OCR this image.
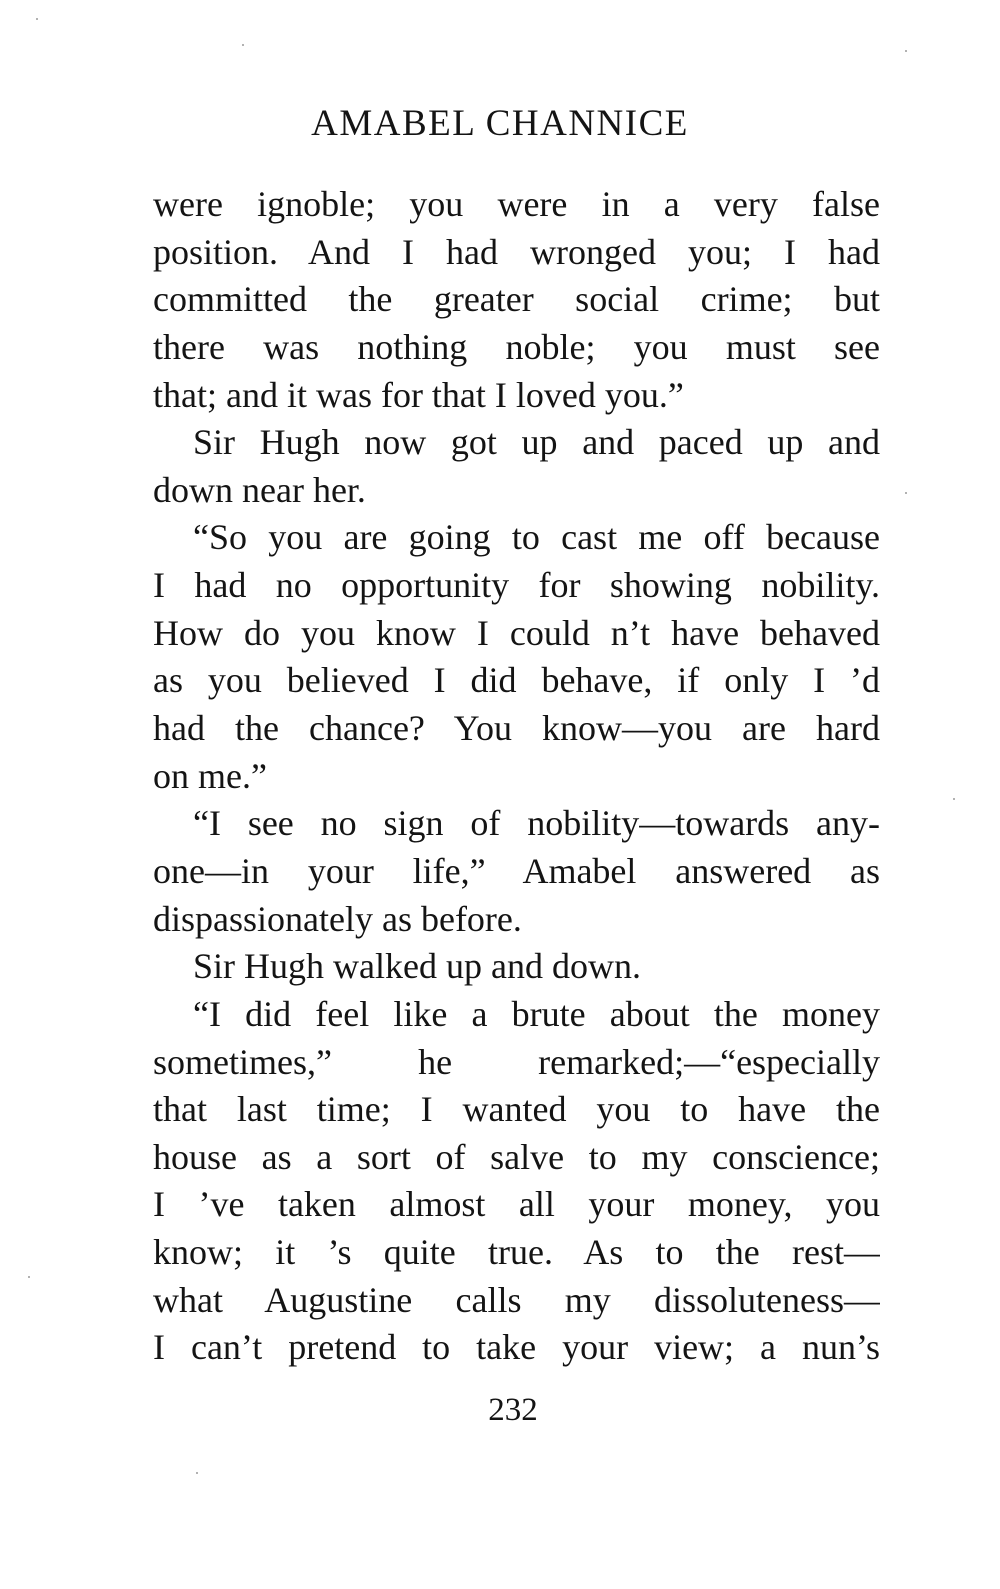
AMABEL CHANNICE
were ignoble; you were in a very false
position. And I had wronged you; I had
committed the greater social crime; but
there was nothing noble; you must see
that; and it was for that I loved you.”
Sir Hugh now got up and paced up and
down near her.
“So you are going to cast me off because
I had no opportunity for showing nobility.
How do you know I could n’t have behaved
as you believed I did behave, if only I ’d
had the chance? You know—you are hard
on me.”
“I see no sign of nobility—towards any-
one—in your life,” Amabel answered as
dispassionately as before.
Sir Hugh walked up and down.
“I did feel like a brute about the money
sometimes,” he remarked;—“especially
that last time; I wanted you to have the
house as a sort of salve to my conscience;
I ’ve taken almost all your money, you
know; it ’s quite true. As to the rest—
what Augustine calls my dissoluteness—
I can’t pretend to take your view; a nun’s
232
